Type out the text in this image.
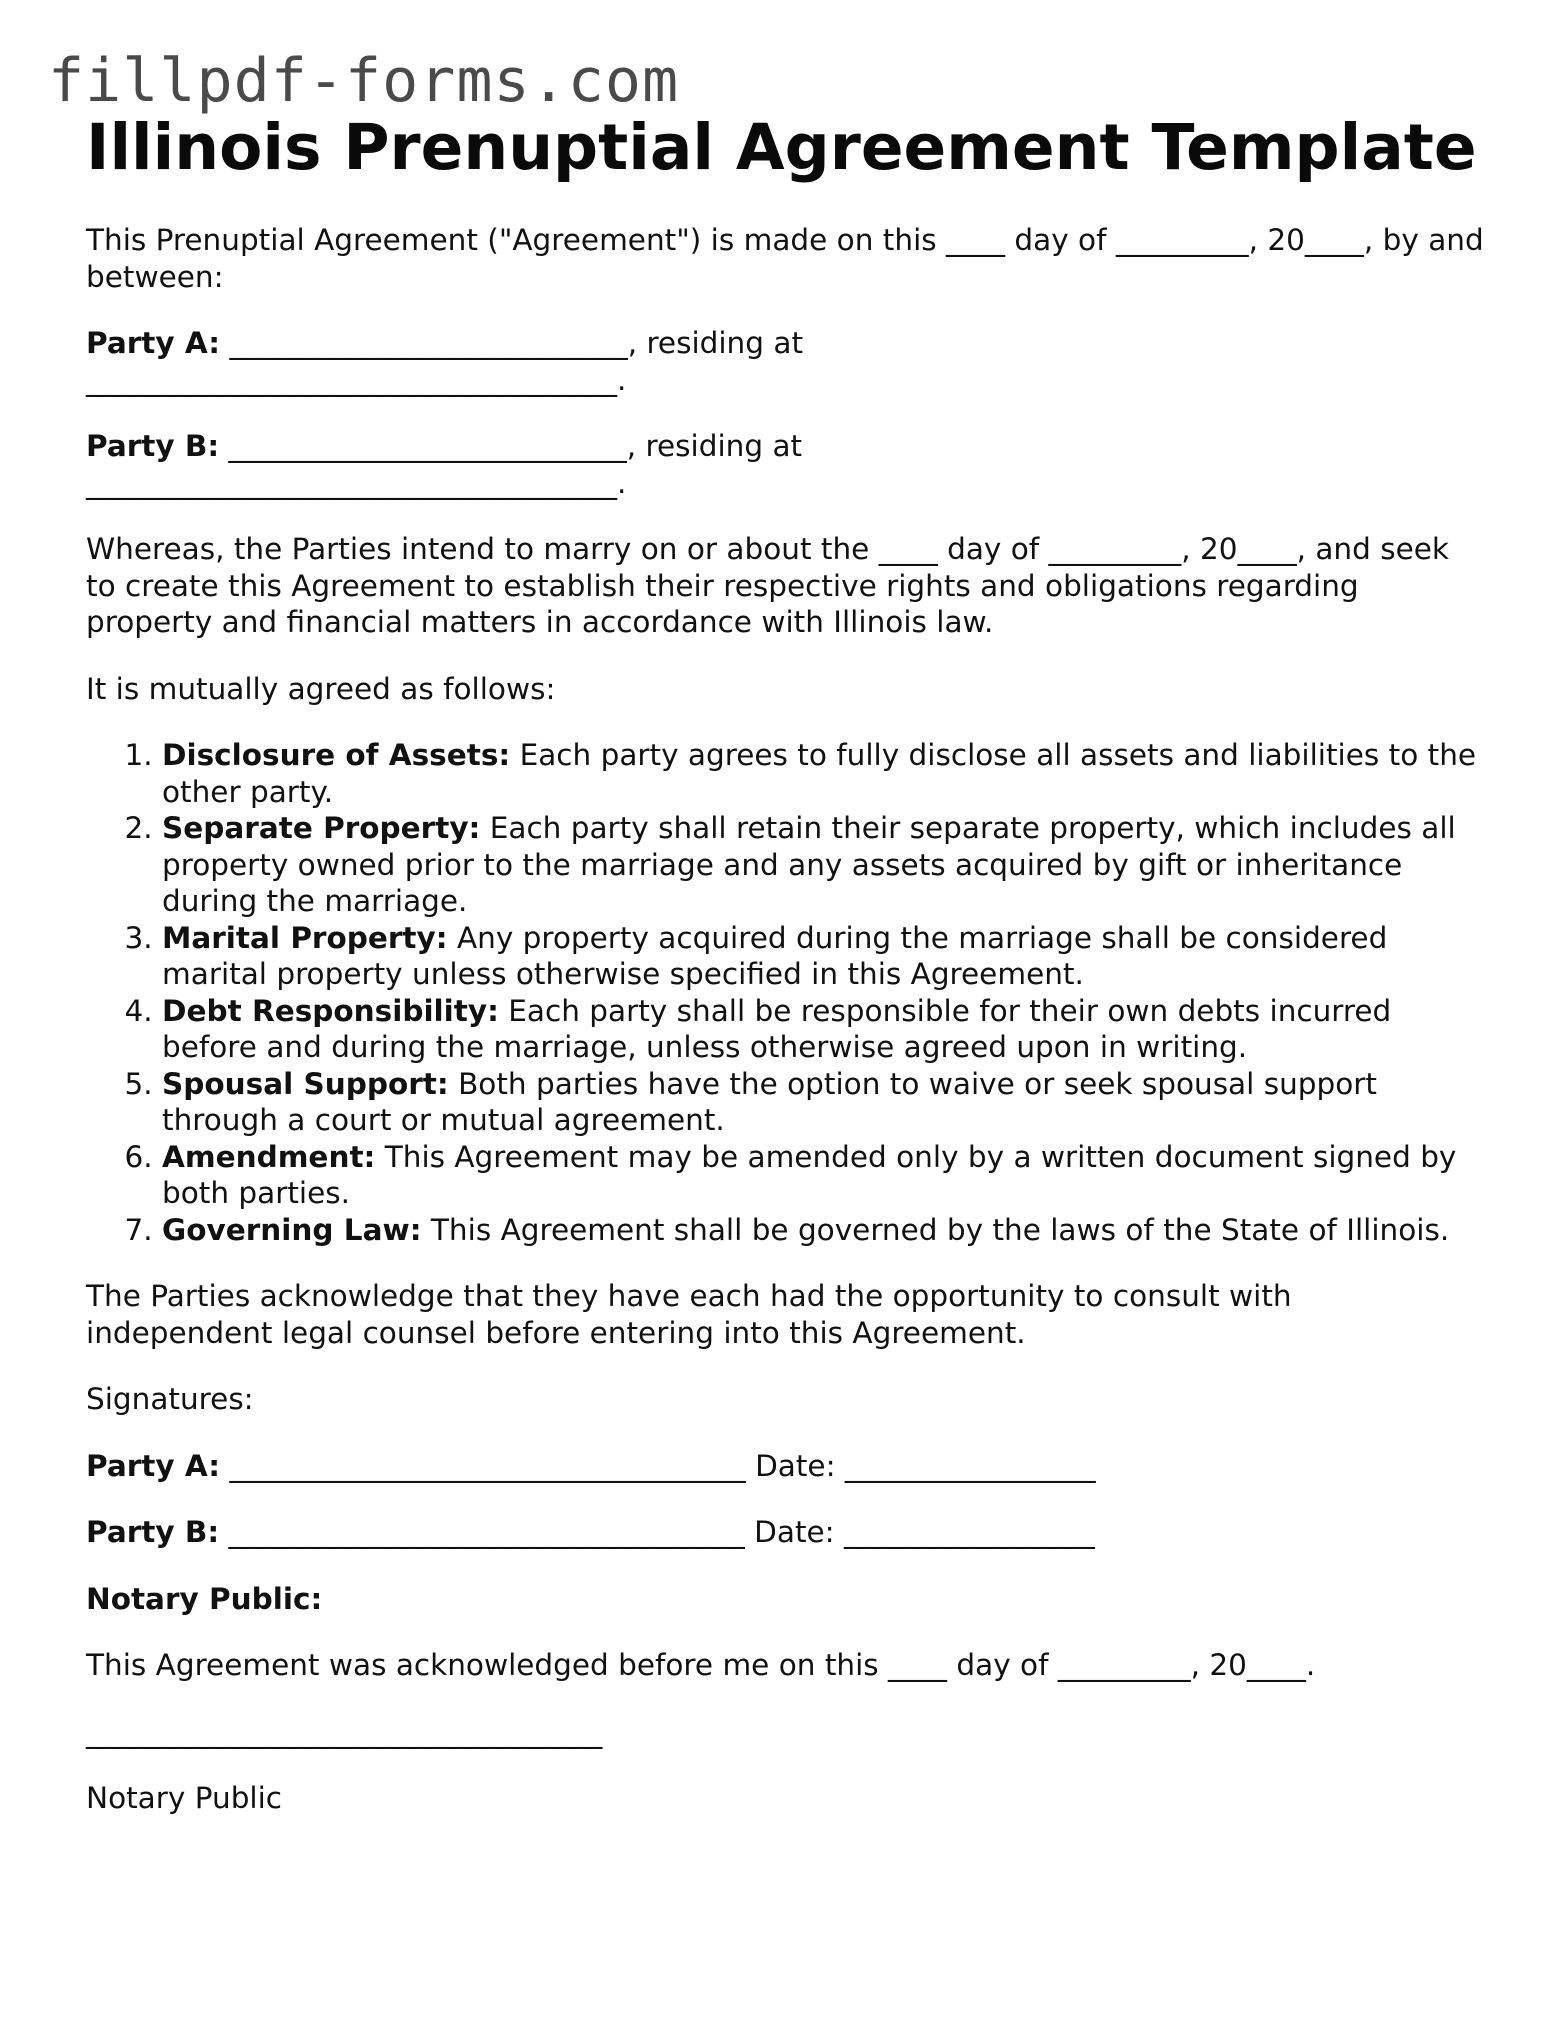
fillpdf-forms.com
Illinois Prenuptial Agreement Template

This Prenuptial Agreement ("Agreement") is made on this ____ day of _________, 20____, by and between:

Party A: ___________________________, residing at
____________________________________.

Party B: ___________________________, residing at
____________________________________.

Whereas, the Parties intend to marry on or about the ____ day of _________, 20____, and seek to create this Agreement to establish their respective rights and obligations regarding property and financial matters in accordance with Illinois law.

It is mutually agreed as follows:

1. Disclosure of Assets: Each party agrees to fully disclose all assets and liabilities to the other party.
2. Separate Property: Each party shall retain their separate property, which includes all property owned prior to the marriage and any assets acquired by gift or inheritance during the marriage.
3. Marital Property: Any property acquired during the marriage shall be considered marital property unless otherwise specified in this Agreement.
4. Debt Responsibility: Each party shall be responsible for their own debts incurred before and during the marriage, unless otherwise agreed upon in writing.
5. Spousal Support: Both parties have the option to waive or seek spousal support through a court or mutual agreement.
6. Amendment: This Agreement may be amended only by a written document signed by both parties.
7. Governing Law: This Agreement shall be governed by the laws of the State of Illinois.

The Parties acknowledge that they have each had the opportunity to consult with independent legal counsel before entering into this Agreement.

Signatures:

Party A: ___________________________________ Date: _________________

Party B: ___________________________________ Date: _________________

Notary Public:

This Agreement was acknowledged before me on this ____ day of _________, 20____.

___________________________________

Notary Public
